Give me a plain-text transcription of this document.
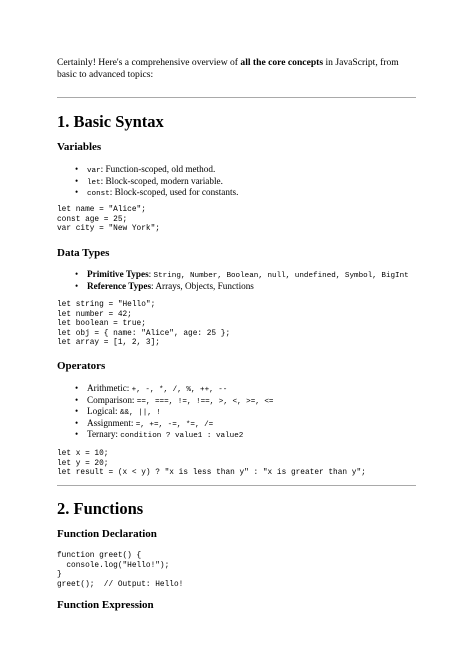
Certainly! Here's a comprehensive overview of all the core concepts in JavaScript, from basic to advanced topics:

1. Basic Syntax
Variables
• var: Function-scoped, old method.
• let: Block-scoped, modern variable.
• const: Block-scoped, used for constants.
let name = "Alice";
const age = 25;
var city = "New York";
Data Types
• Primitive Types: String, Number, Boolean, null, undefined, Symbol, BigInt
• Reference Types: Arrays, Objects, Functions
let string = "Hello";
let number = 42;
let boolean = true;
let obj = { name: "Alice", age: 25 };
let array = [1, 2, 3];
Operators
• Arithmetic: +, -, *, /, %, ++, --
• Comparison: ==, ===, !=, !==, >, <, >=, <=
• Logical: &&, ||, !
• Assignment: =, +=, -=, *=, /=
• Ternary: condition ? value1 : value2
let x = 10;
let y = 20;
let result = (x < y) ? "x is less than y" : "x is greater than y";
2. Functions
Function Declaration
function greet() {
console.log("Hello!");
}
greet();  // Output: Hello!
Function Expression
